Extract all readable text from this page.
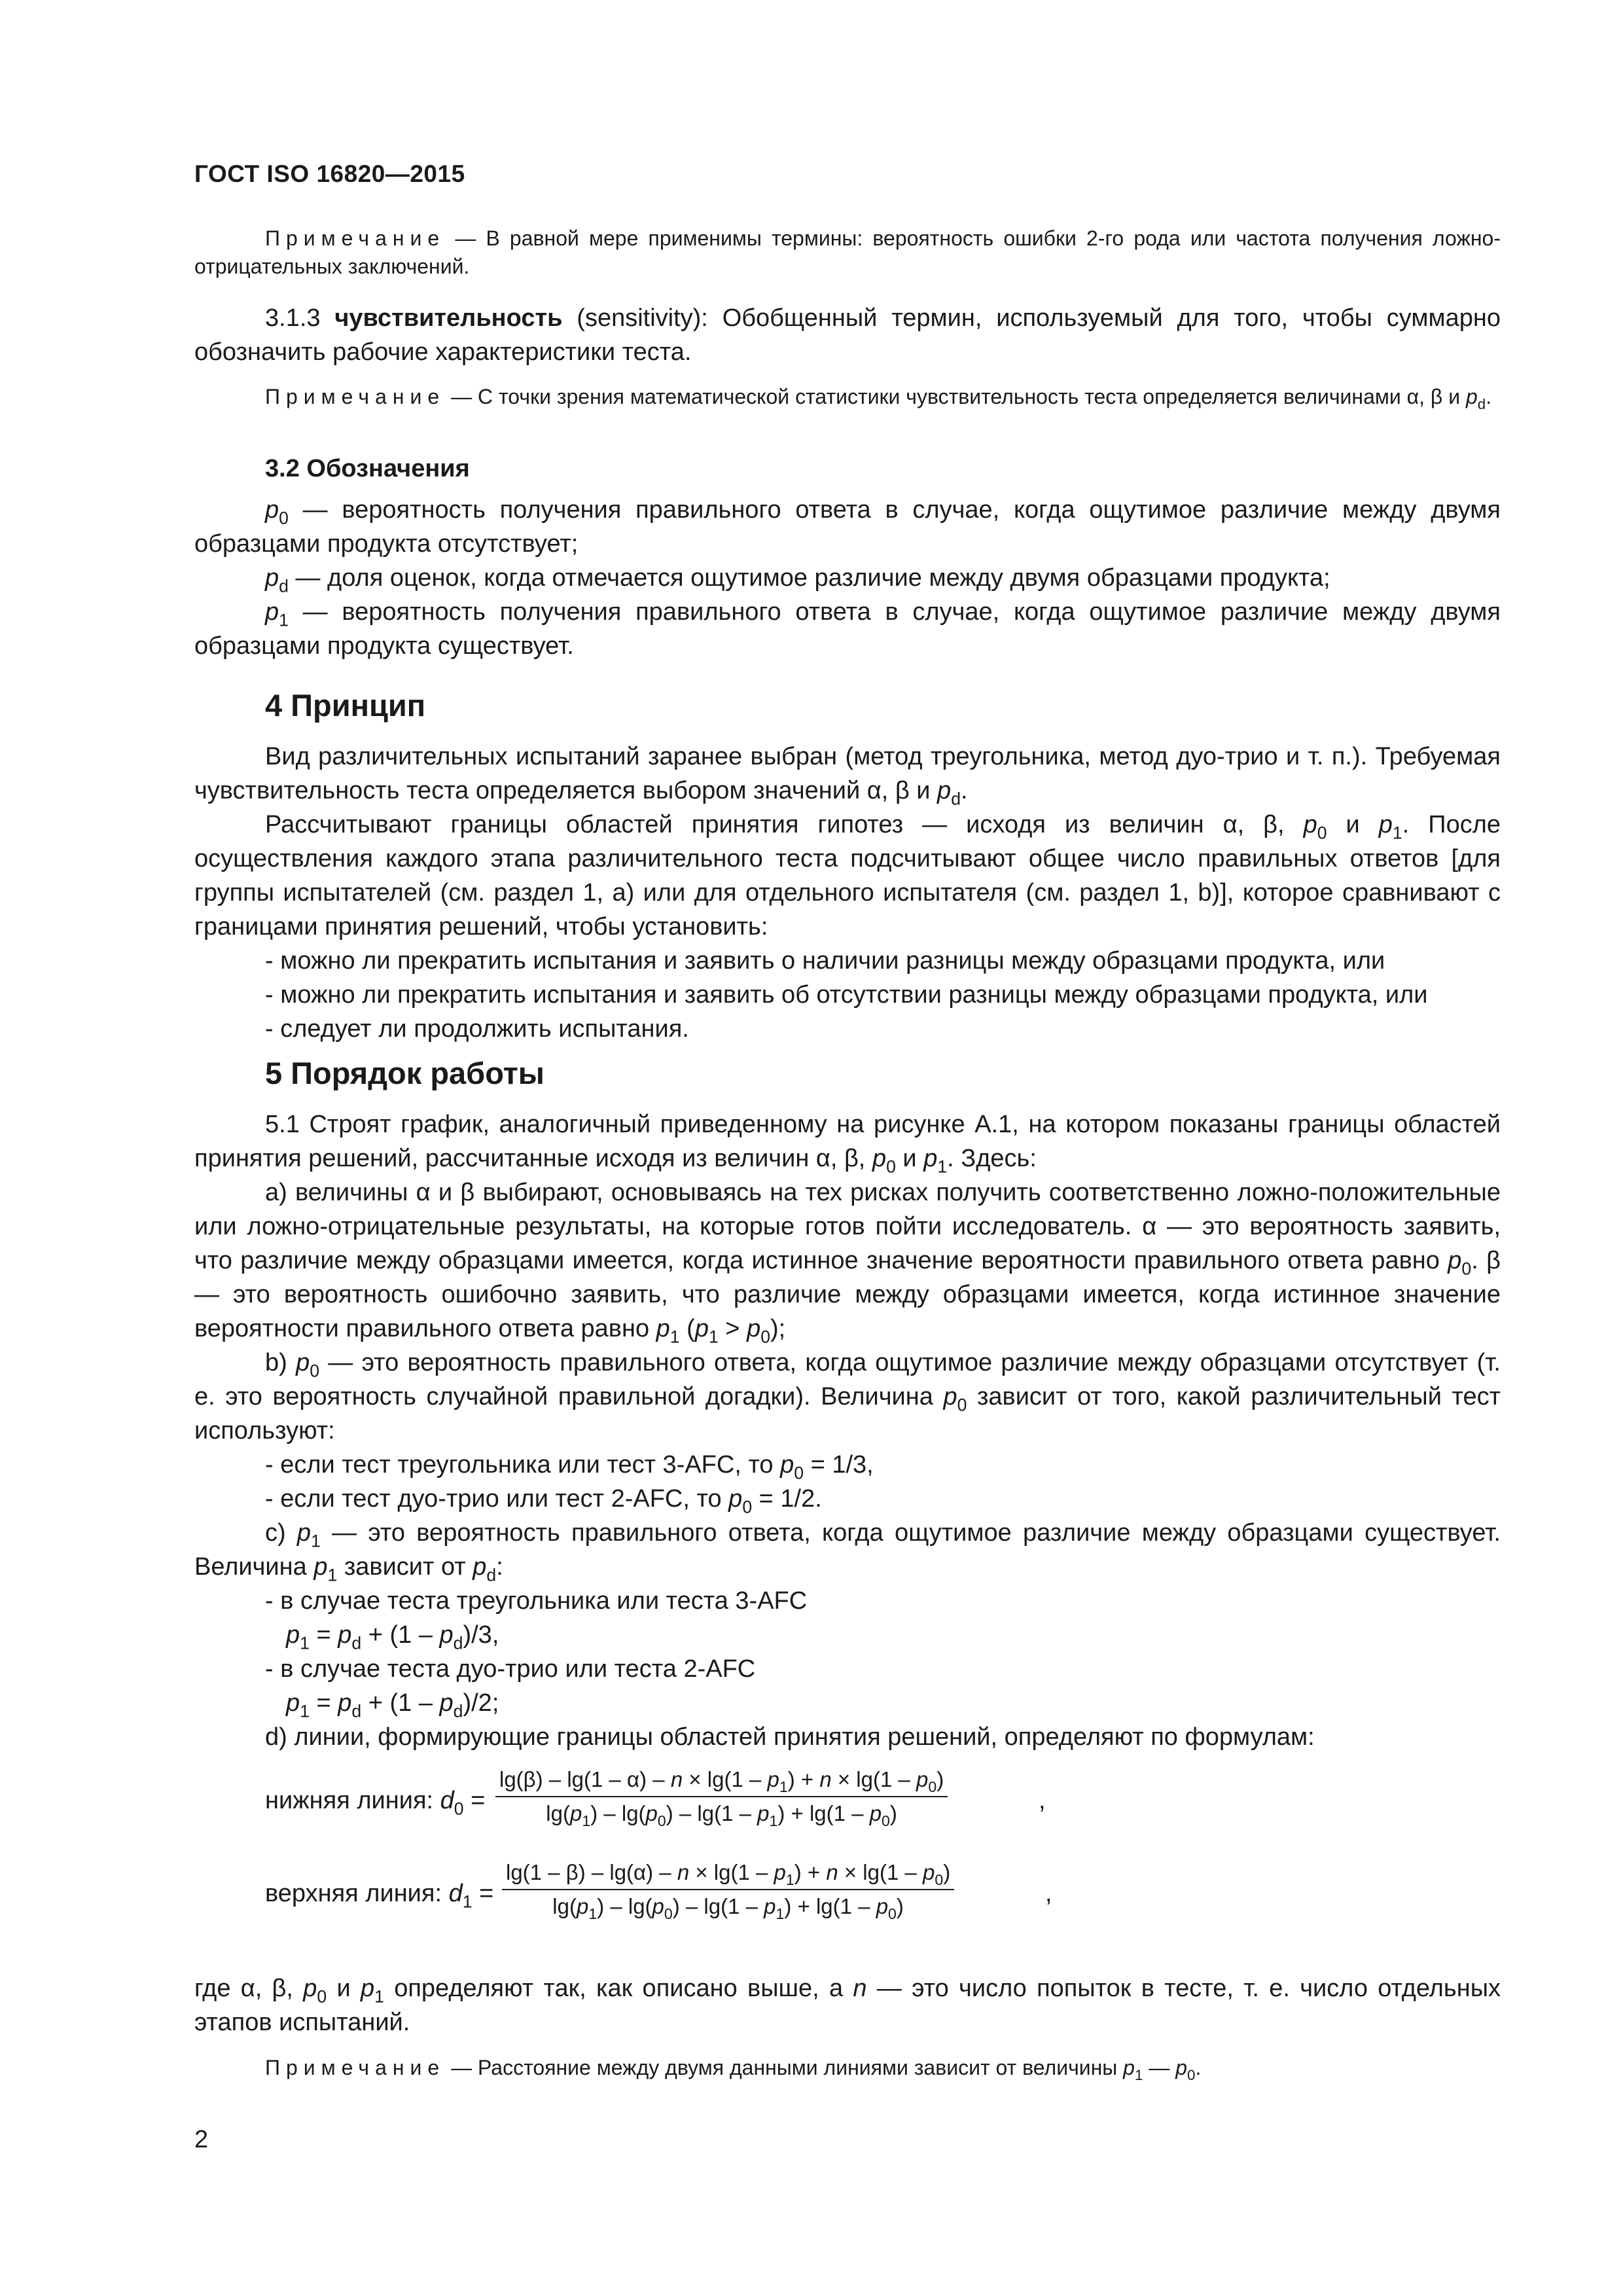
ГОСТ ISO 16820—2015

Примечание — В равной мере применимы термины: вероятность ошибки 2-го рода или частота получения ложно-отрицательных заключений.

3.1.3 чувствительность (sensitivity): Обобщенный термин, используемый для того, чтобы суммарно обозначить рабочие характеристики теста.

Примечание — С точки зрения математической статистики чувствительность теста определяется величинами α, β и $p_d$.

3.2 Обозначения

$p_0$ — вероятность получения правильного ответа в случае, когда ощутимое различие между двумя образцами продукта отсутствует;

$p_d$ — доля оценок, когда отмечается ощутимое различие между двумя образцами продукта;

$p_1$ — вероятность получения правильного ответа в случае, когда ощутимое различие между двумя образцами продукта существует.

4 Принцип

Вид различительных испытаний заранее выбран (метод треугольника, метод дуо-трио и т. п.). Требуемая чувствительность теста определяется выбором значений α, β и $p_d$.

Рассчитывают границы областей принятия гипотез — исходя из величин α, β, $p_0$ и $p_1$. После осуществления каждого этапа различительного теста подсчитывают общее число правильных ответов [для группы испытателей (см. раздел 1, а) или для отдельного испытателя (см. раздел 1, b)], которое сравнивают с границами принятия решений, чтобы установить:

- можно ли прекратить испытания и заявить о наличии разницы между образцами продукта, или

- можно ли прекратить испытания и заявить об отсутствии разницы между образцами продукта, или

- следует ли продолжить испытания.

5 Порядок работы

5.1 Строят график, аналогичный приведенному на рисунке А.1, на котором показаны границы областей принятия решений, рассчитанные исходя из величин α, β, $p_0$ и $p_1$. Здесь:

а) величины α и β выбирают, основываясь на тех рисках получить соответственно ложно-положительные или ложно-отрицательные результаты, на которые готов пойти исследователь. α — это вероятность заявить, что различие между образцами имеется, когда истинное значение вероятности правильного ответа равно $p_0$. β — это вероятность ошибочно заявить, что различие между образцами имеется, когда истинное значение вероятности правильного ответа равно $p_1$ $(p_1 > p_0)$;

b) $p_0$ — это вероятность правильного ответа, когда ощутимое различие между образцами отсутствует (т. е. это вероятность случайной правильной догадки). Величина $p_0$ зависит от того, какой различительный тест используют:

- если тест треугольника или тест 3-AFC, то $p_0 = 1/3$,

- если тест дуо-трио или тест 2-AFC, то $p_0 = 1/2$.

c) $p_1$ — это вероятность правильного ответа, когда ощутимое различие между образцами существует. Величина $p_1$ зависит от $p_d$:

- в случае теста треугольника или теста 3-AFC

$p_1 = p_d + (1 - p_d)/3$,

- в случае теста дуо-трио или теста 2-AFC

$p_1 = p_d + (1 - p_d)/2$;

d) линии, формирующие границы областей принятия решений, определяют по формулам:

нижняя линия: $d_0$ =
$\lg(\beta) - \lg(1 - \alpha) - n \times \lg(1 - p_1) + n \times \lg(1 - p_0)$
$\lg(p_1) - \lg(p_0) - \lg(1 - p_1) + \lg(1 - p_0)$	,
верхняя линия: $d_1$ =
$\lg(1 - \beta) - \lg(\alpha) - n \times \lg(1 - p_1) + n \times \lg(1 - p_0)$
$\lg(p_1) - \lg(p_0) - \lg(1 - p_1) + \lg(1 - p_0)$	,

где α, β, $p_0$ и $p_1$ определяют так, как описано выше, а n — это число попыток в тесте, т. е. число отдельных этапов испытаний.

Примечание — Расстояние между двумя данными линиями зависит от величины $p_1$ — $p_0$.

2
